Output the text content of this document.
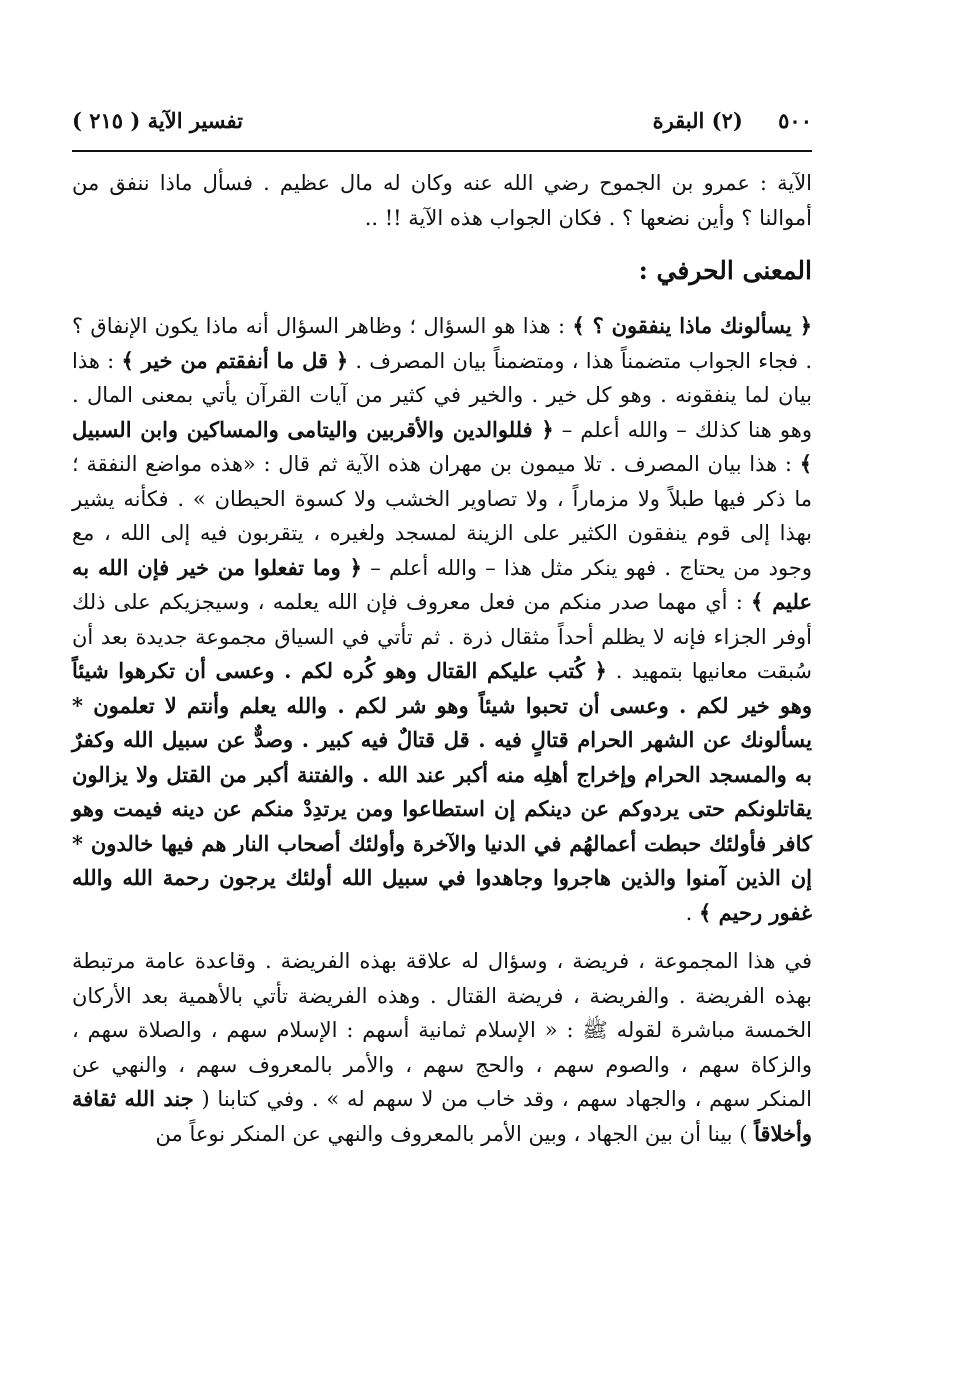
٥٠٠ (٢) البقرة
تفسير الآية ( ٢١٥ )

الآية : عمرو بن الجموح رضي الله عنه وكان له مال عظيم . فسأل ماذا ننفق من أموالنا ؟ وأين نضعها ؟ . فكان الجواب هذه الآية !! ..

المعنى الحرفي :

﴿ يسألونك ماذا ينفقون ؟ ﴾ : هذا هو السؤال ؛ وظاهر السؤال أنه ماذا يكون الإنفاق ؟ . فجاء الجواب متضمناً هذا ، ومتضمناً بيان المصرف . ﴿ قل ما أنفقتم من خير ﴾ : هذا بيان لما ينفقونه . وهو كل خير . والخير في كثير من آيات القرآن يأتي بمعنى المال . وهو هنا كذلك – والله أعلم – ﴿ فللوالدين والأقربين واليتامى والمساكين وابن السبيل ﴾ : هذا بيان المصرف . تلا ميمون بن مهران هذه الآية ثم قال : «هذه مواضع النفقة ؛ ما ذكر فيها طبلاً ولا مزماراً ، ولا تصاوير الخشب ولا كسوة الحيطان » . فكأنه يشير بهذا إلى قوم ينفقون الكثير على الزينة لمسجد ولغيره ، يتقربون فيه إلى الله ، مع وجود من يحتاج . فهو ينكر مثل هذا – والله أعلم – ﴿ وما تفعلوا من خير فإن الله به عليم ﴾ : أي مهما صدر منكم من فعل معروف فإن الله يعلمه ، وسيجزيكم على ذلك أوفر الجزاء فإنه لا يظلم أحداً مثقال ذرة . ثم تأتي في السياق مجموعة جديدة بعد أن سُبقت معانيها بتمهيد . ﴿ كُتب عليكم القتال وهو كُره لكم . وعسى أن تكرهوا شيئاً وهو خير لكم . وعسى أن تحبوا شيئاً وهو شر لكم . والله يعلم وأنتم لا تعلمون * يسألونك عن الشهر الحرام قتالٍ فيه . قل قتالٌ فيه كبير . وصدٌّ عن سبيل الله وكفرٌ به والمسجد الحرام وإخراج أهلِه منه أكبر عند الله . والفتنة أكبر من القتل ولا يزالون يقاتلونكم حتى يردوكم عن دينكم إن استطاعوا ومن يرتدِدْ منكم عن دينه فيمت وهو كافر فأولئك حبطت أعمالهُم في الدنيا والآخرة وأولئك أصحاب النار هم فيها خالدون * إن الذين آمنوا والذين هاجروا وجاهدوا في سبيل الله أولئك يرجون رحمة الله والله غفور رحيم ﴾ .

في هذا المجموعة ، فريضة ، وسؤال له علاقة بهذه الفريضة . وقاعدة عامة مرتبطة بهذه الفريضة . والفريضة ، فريضة القتال . وهذه الفريضة تأتي بالأهمية بعد الأركان الخمسة مباشرة لقوله ﷺ : « الإسلام ثمانية أسهم : الإسلام سهم ، والصلاة سهم ، والزكاة سهم ، والصوم سهم ، والحج سهم ، والأمر بالمعروف سهم ، والنهي عن المنكر سهم ، والجهاد سهم ، وقد خاب من لا سهم له » . وفي كتابنا ( جند الله ثقافة وأخلاقاً ) بينا أن بين الجهاد ، وبين الأمر بالمعروف والنهي عن المنكر نوعاً من
